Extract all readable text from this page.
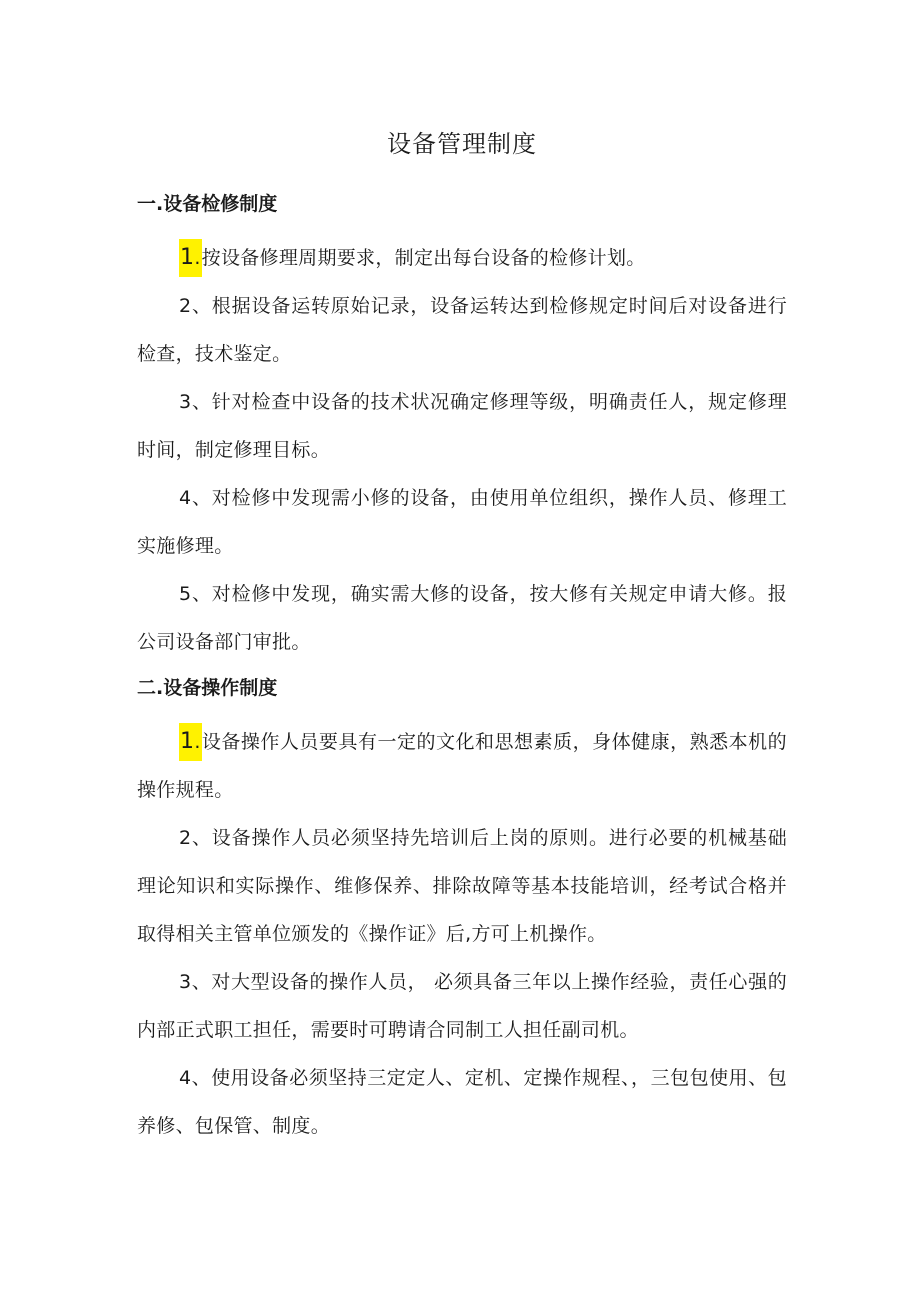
设备管理制度
一.设备检修制度

1.按设备修理周期要求，制定出每台设备的检修计划。

2、根据设备运转原始记录，设备运转达到检修规定时间后对设备进行检查，技术鉴定。

3、针对检查中设备的技术状况确定修理等级，明确责任人，规定修理时间，制定修理目标。

4、对检修中发现需小修的设备，由使用单位组织，操作人员、修理工实施修理。

5、对检修中发现，确实需大修的设备，按大修有关规定申请大修。报公司设备部门审批。

二.设备操作制度

1.设备操作人员要具有一定的文化和思想素质，身体健康，熟悉本机的操作规程。

2、设备操作人员必须坚持先培训后上岗的原则。进行必要的机械基础理论知识和实际操作、维修保养、排除故障等基本技能培训，经考试合格并取得相关主管单位颁发的《操作证》后,方可上机操作。

3、对大型设备的操作人员， 必须具备三年以上操作经验，责任心强的内部正式职工担任，需要时可聘请合同制工人担任副司机。

4、使用设备必须坚持三定定人、定机、定操作规程、，三包包使用、包养修、包保管、制度。
